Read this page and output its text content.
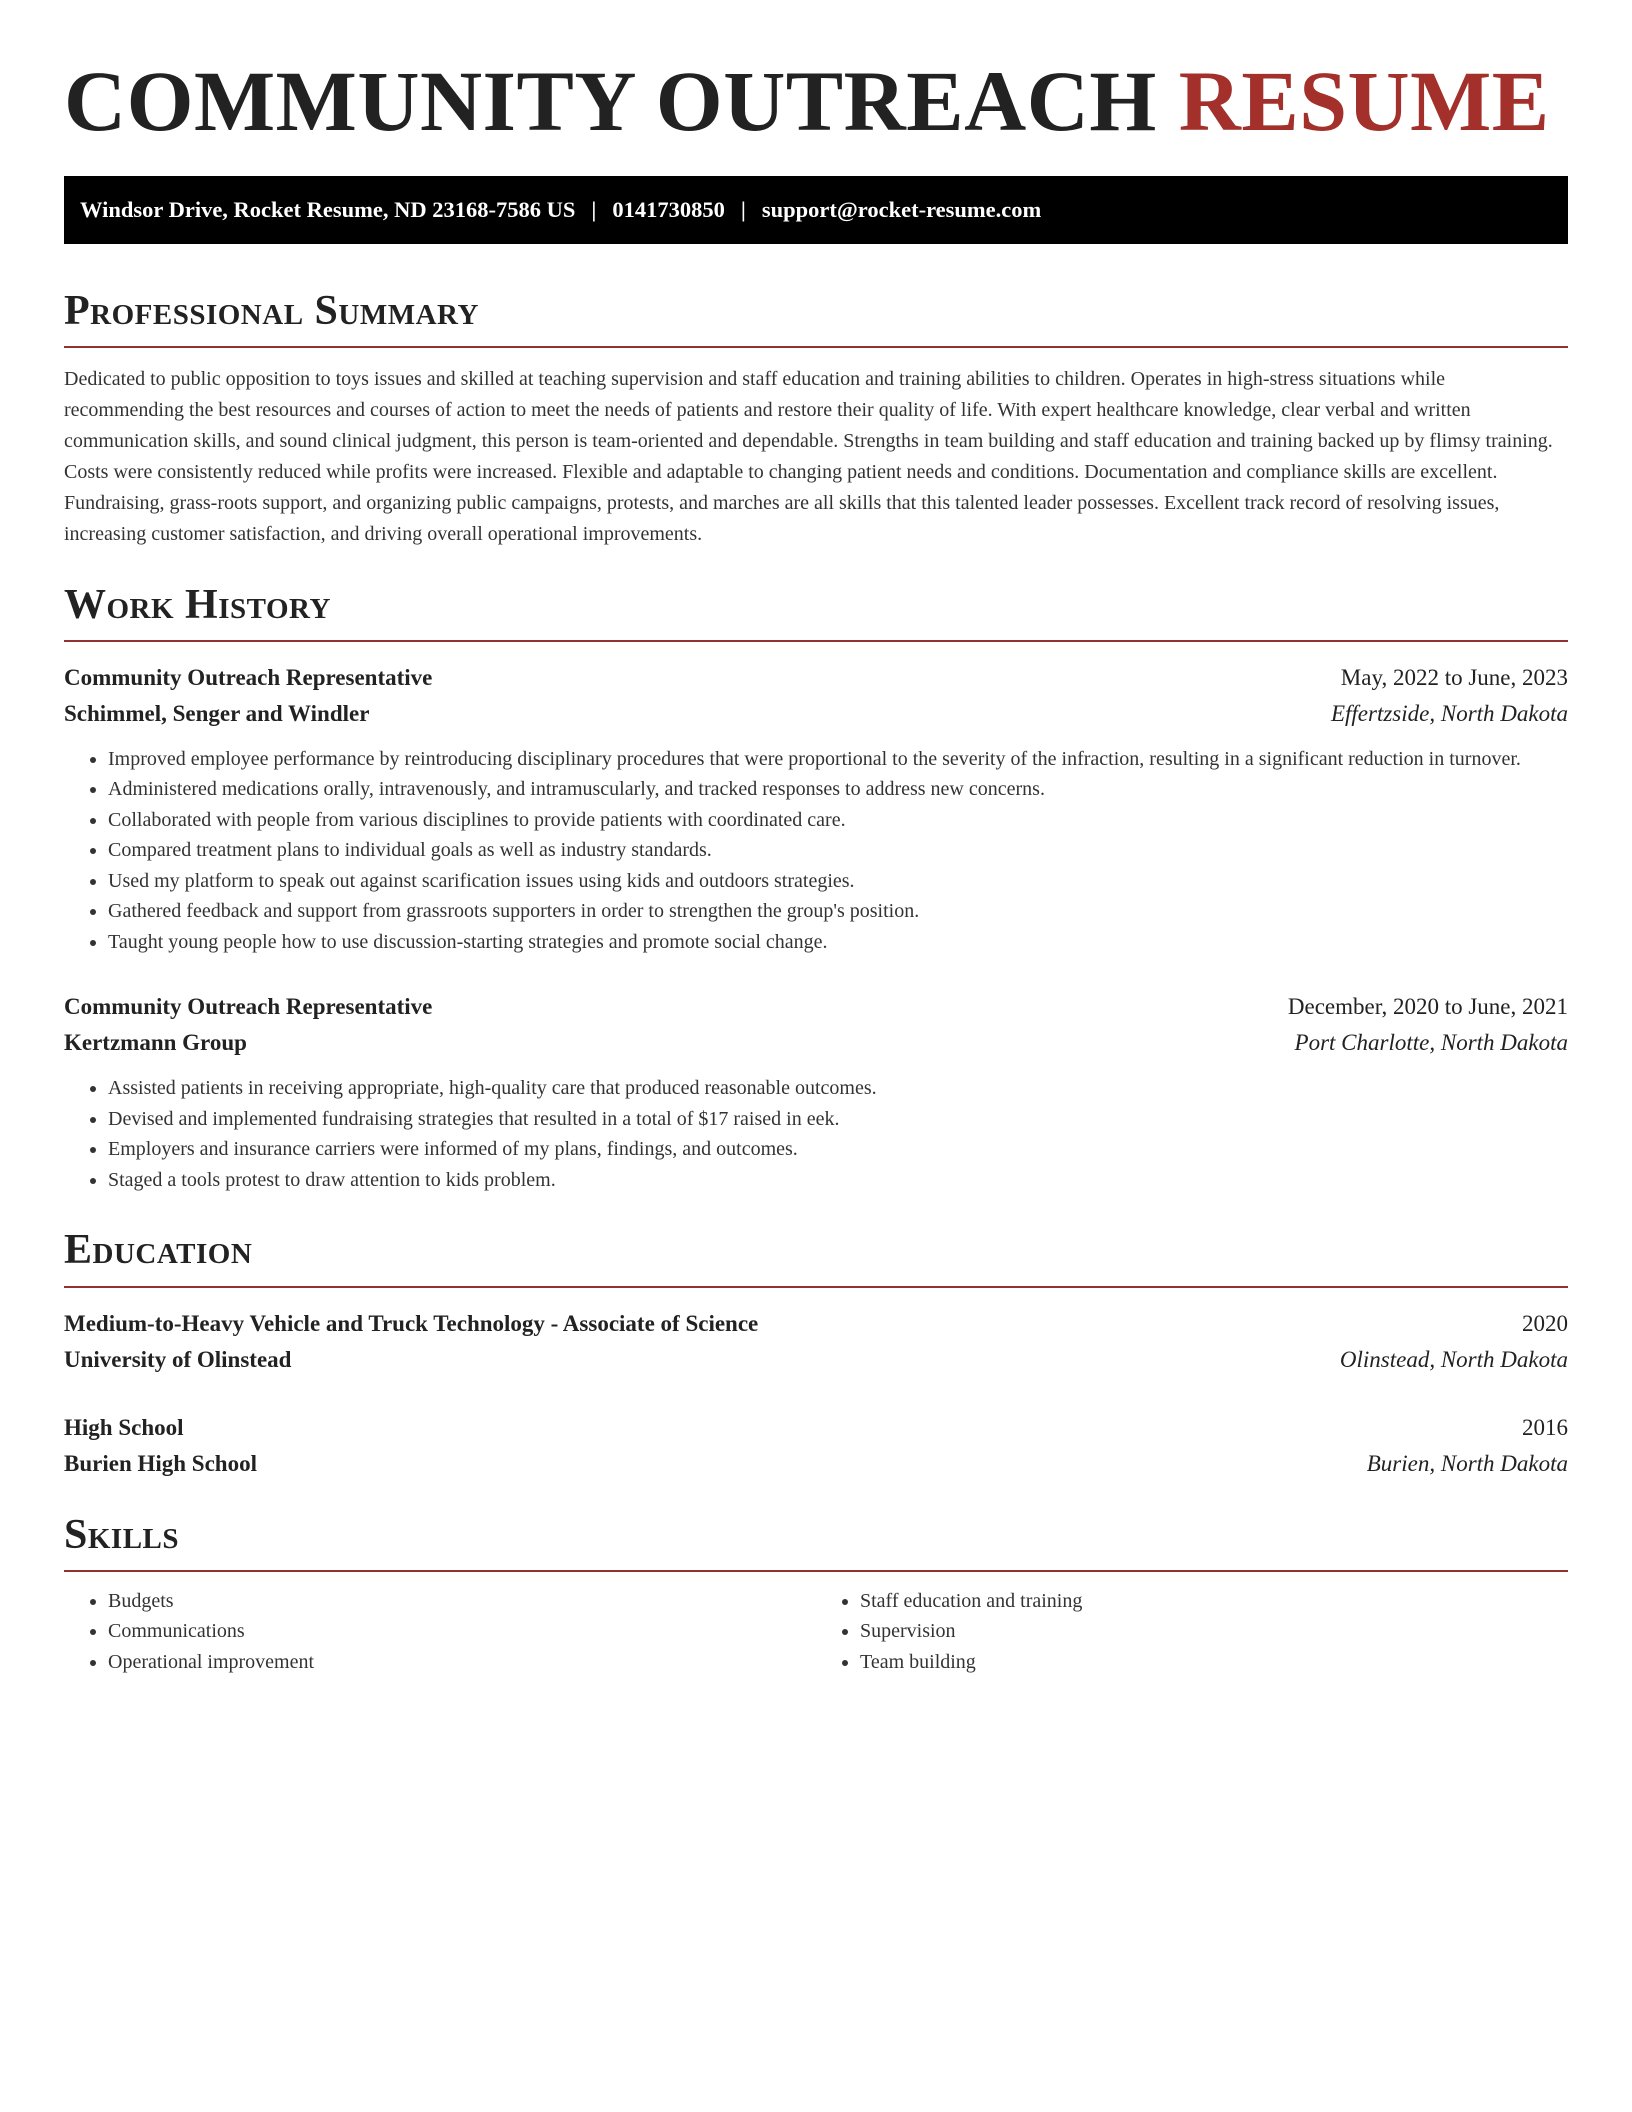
COMMUNITY OUTREACH RESUME
Windsor Drive, Rocket Resume, ND 23168-7586 US | 0141730850 | support@rocket-resume.com
Professional Summary

Dedicated to public opposition to toys issues and skilled at teaching supervision and staff education and training abilities to children. Operates in high-stress situations while recommending the best resources and courses of action to meet the needs of patients and restore their quality of life. With expert healthcare knowledge, clear verbal and written communication skills, and sound clinical judgment, this person is team-oriented and dependable. Strengths in team building and staff education and training backed up by flimsy training. Costs were consistently reduced while profits were increased. Flexible and adaptable to changing patient needs and conditions. Documentation and compliance skills are excellent. Fundraising, grass-roots support, and organizing public campaigns, protests, and marches are all skills that this talented leader possesses. Excellent track record of resolving issues, increasing customer satisfaction, and driving overall operational improvements.

Work History
Community Outreach Representative	May, 2022 to June, 2023
Schimmel, Senger and Windler	Effertzside, North Dakota
• Improved employee performance by reintroducing disciplinary procedures that were proportional to the severity of the infraction, resulting in a significant reduction in turnover.
• Administered medications orally, intravenously, and intramuscularly, and tracked responses to address new concerns.
• Collaborated with people from various disciplines to provide patients with coordinated care.
• Compared treatment plans to individual goals as well as industry standards.
• Used my platform to speak out against scarification issues using kids and outdoors strategies.
• Gathered feedback and support from grassroots supporters in order to strengthen the group's position.
• Taught young people how to use discussion-starting strategies and promote social change.
Community Outreach Representative	December, 2020 to June, 2021
Kertzmann Group	Port Charlotte, North Dakota
• Assisted patients in receiving appropriate, high-quality care that produced reasonable outcomes.
• Devised and implemented fundraising strategies that resulted in a total of $17 raised in eek.
• Employers and insurance carriers were informed of my plans, findings, and outcomes.
• Staged a tools protest to draw attention to kids problem.
Education
Medium-to-Heavy Vehicle and Truck Technology - Associate of Science	2020
University of Olinstead	Olinstead, North Dakota
High School	2016
Burien High School	Burien, North Dakota
Skills
• Budgets
• Communications
• Operational improvement
• Staff education and training
• Supervision
• Team building
